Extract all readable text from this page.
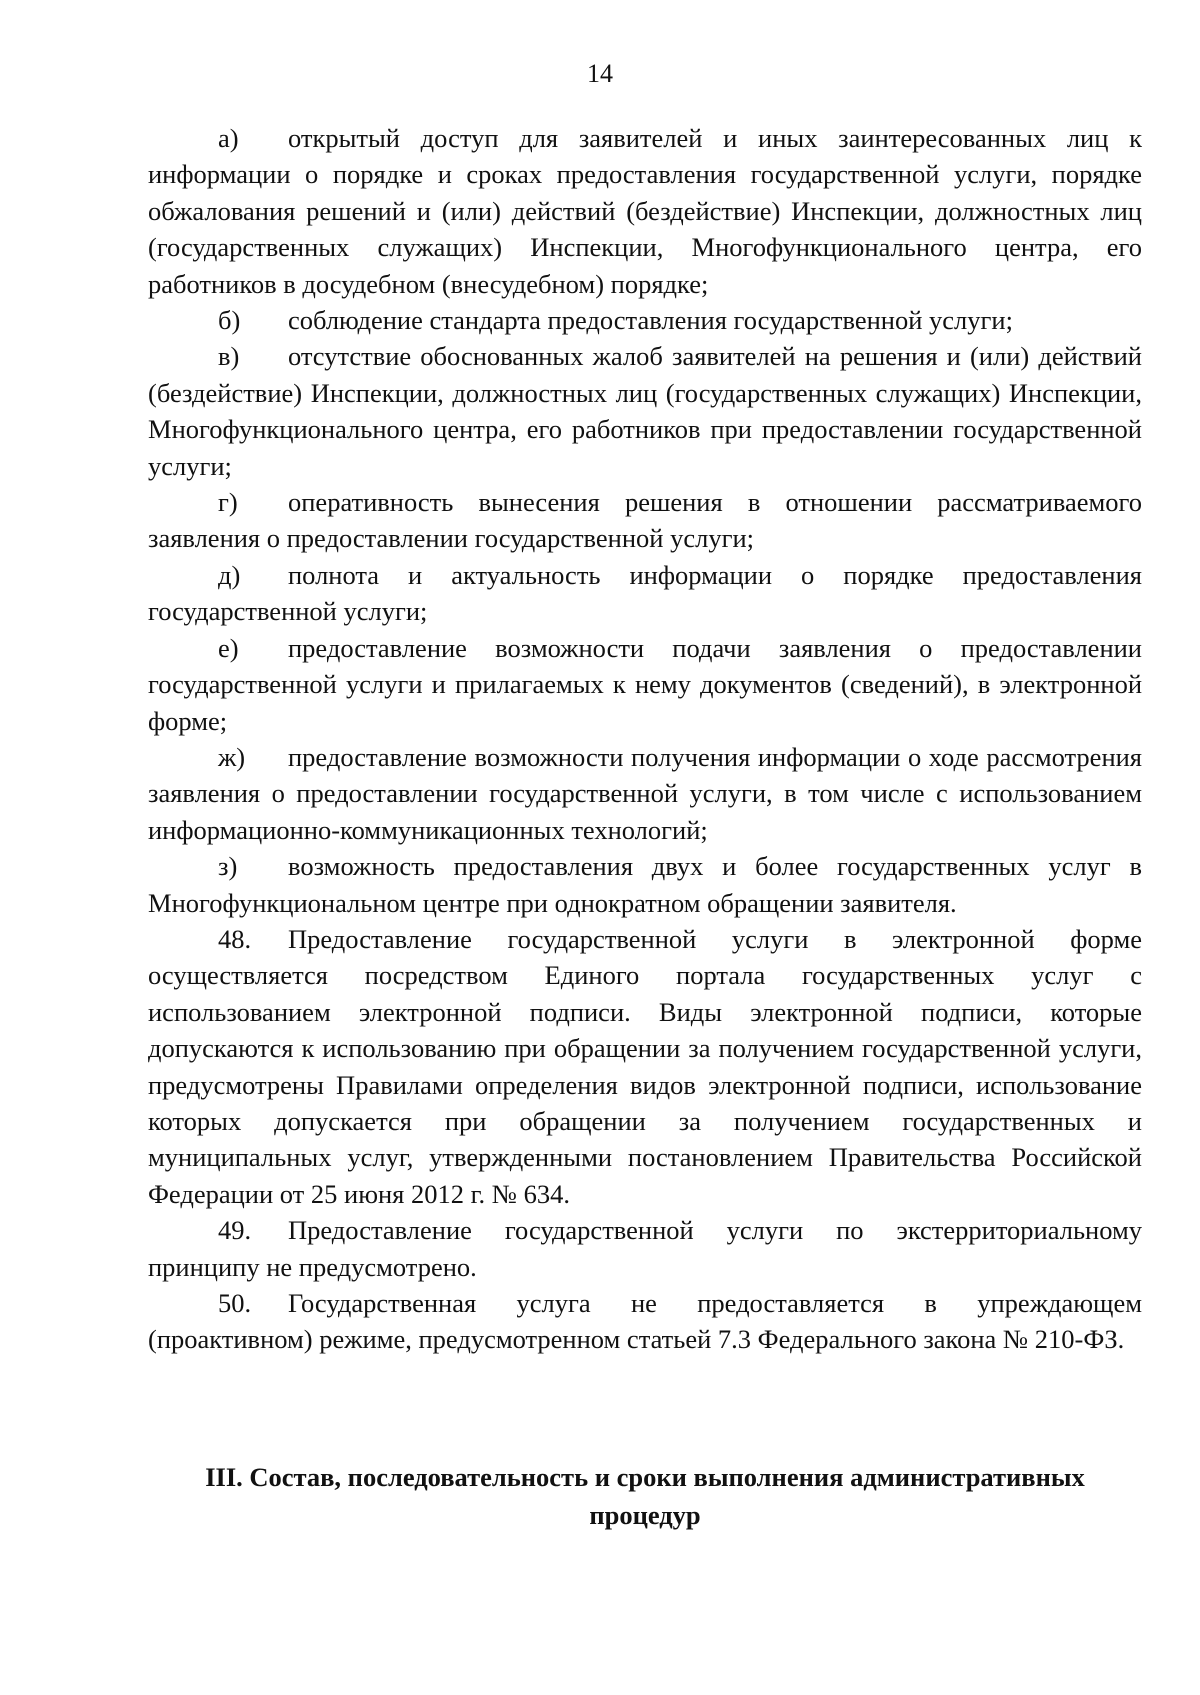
14

а) открытый доступ для заявителей и иных заинтересованных лиц к информации о порядке и сроках предоставления государственной услуги, порядке обжалования решений и (или) действий (бездействие) Инспекции, должностных лиц (государственных служащих) Инспекции, Многофункционального центра, его работников в досудебном (внесудебном) порядке;

б) соблюдение стандарта предоставления государственной услуги;

в) отсутствие обоснованных жалоб заявителей на решения и (или) действий (бездействие) Инспекции, должностных лиц (государственных служащих) Инспекции, Многофункционального центра, его работников при предоставлении государственной услуги;

г) оперативность вынесения решения в отношении рассматриваемого заявления о предоставлении государственной услуги;

д) полнота и актуальность информации о порядке предоставления государственной услуги;

е) предоставление возможности подачи заявления о предоставлении государственной услуги и прилагаемых к нему документов (сведений), в электронной форме;

ж) предоставление возможности получения информации о ходе рассмотрения заявления о предоставлении государственной услуги, в том числе с использованием информационно-коммуникационных технологий;

з) возможность предоставления двух и более государственных услуг в Многофункциональном центре при однократном обращении заявителя.

48. Предоставление государственной услуги в электронной форме осуществляется посредством Единого портала государственных услуг с использованием электронной подписи. Виды электронной подписи, которые допускаются к использованию при обращении за получением государственной услуги, предусмотрены Правилами определения видов электронной подписи, использование которых допускается при обращении за получением государственных и муниципальных услуг, утвержденными постановлением Правительства Российской Федерации от 25 июня 2012 г. № 634.

49. Предоставление государственной услуги по экстерриториальному принципу не предусмотрено.

50. Государственная услуга не предоставляется в упреждающем (проактивном) режиме, предусмотренном статьей 7.3 Федерального закона № 210-ФЗ.

III. Состав, последовательность и сроки выполнения административных процедур
